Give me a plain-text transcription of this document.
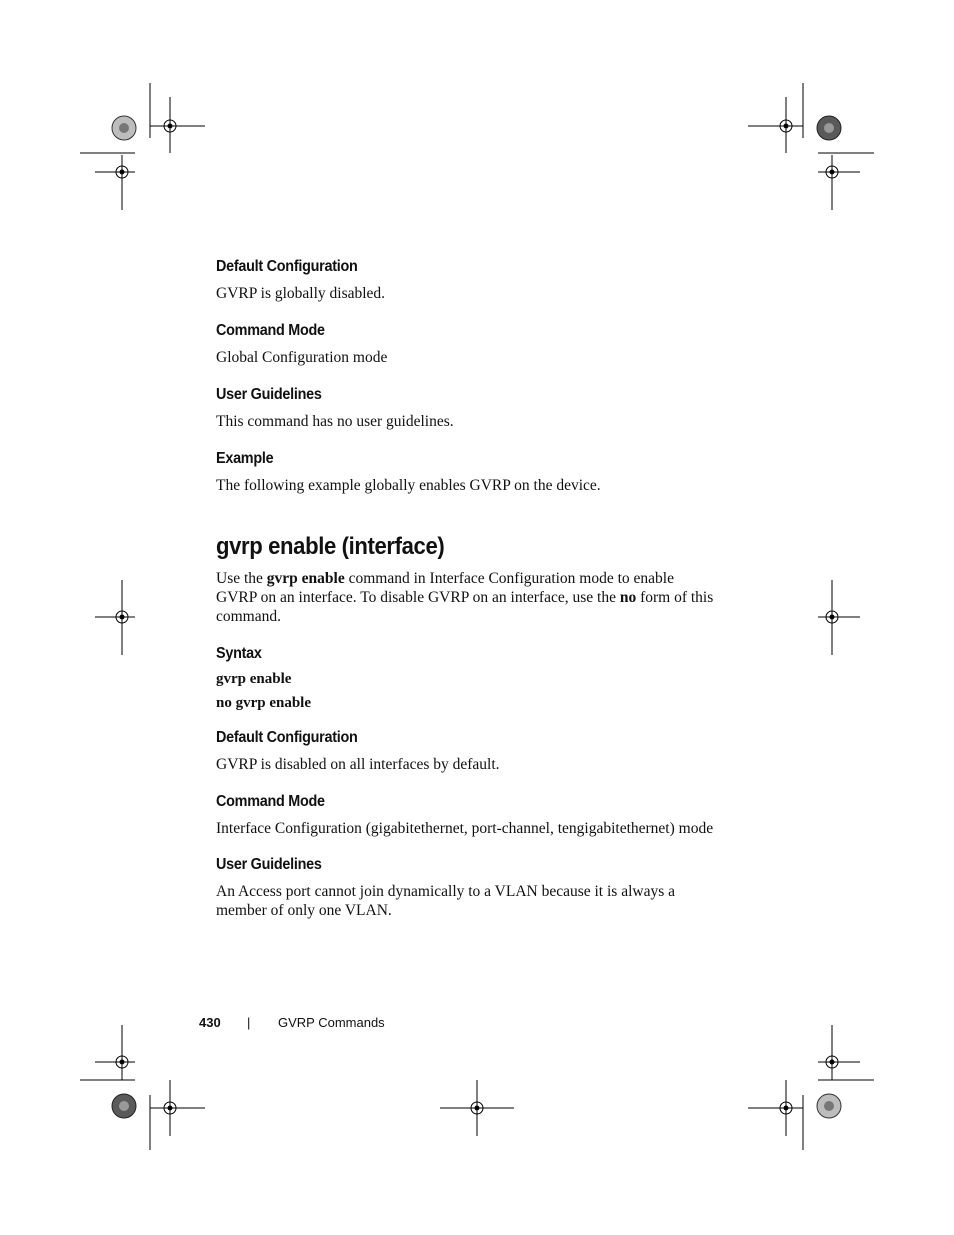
Default Configuration

GVRP is globally disabled.

Command Mode

Global Configuration mode

User Guidelines

This command has no user guidelines.

Example

The following example globally enables GVRP on the device.

gvrp enable (interface)

Use the gvrp enable command in Interface Configuration mode to enable GVRP on an interface. To disable GVRP on an interface, use the no form of this command.

Syntax

gvrp enable

no gvrp enable

Default Configuration

GVRP is disabled on all interfaces by default.

Command Mode

Interface Configuration (gigabitethernet, port-channel, tengigabitethernet) mode

User Guidelines

An Access port cannot join dynamically to a VLAN because it is always a member of only one VLAN.

430 | GVRP Commands
